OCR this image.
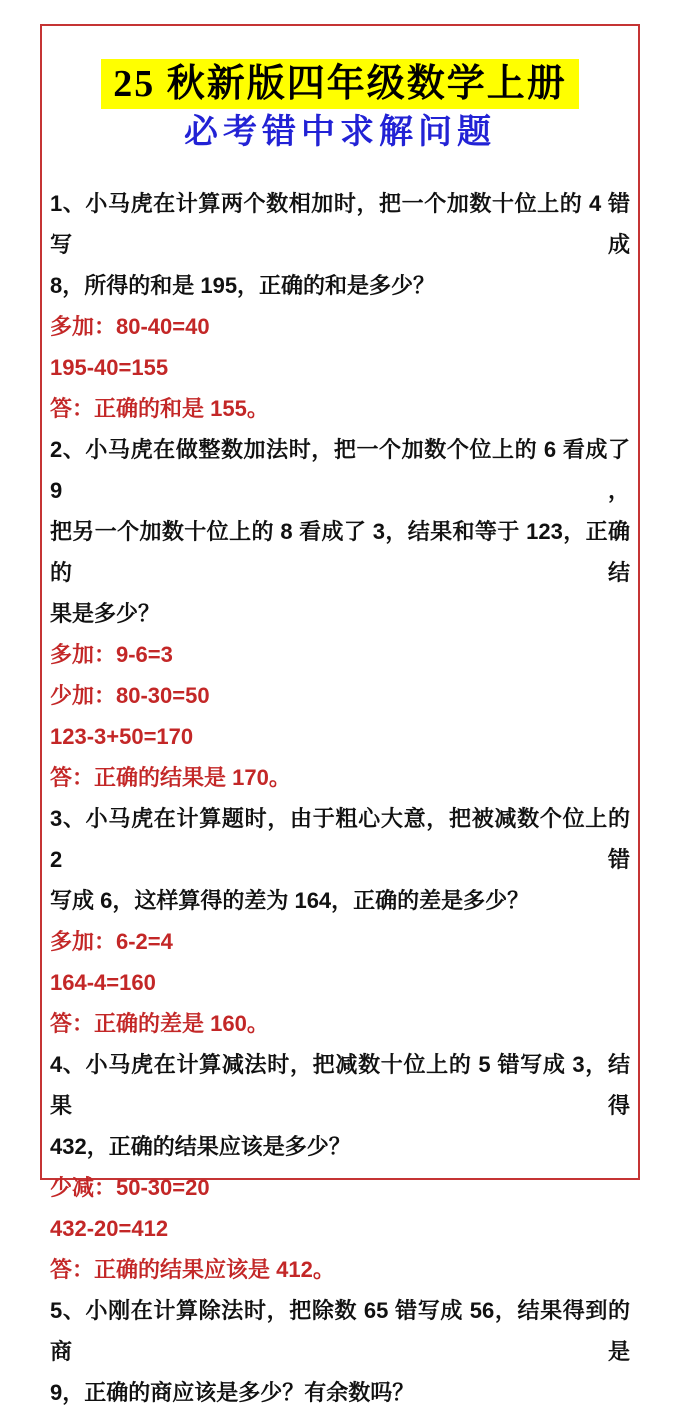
25 秋新版四年级数学上册
必考错中求解问题
1、小马虎在计算两个数相加时，把一个加数十位上的 4 错写成
8，所得的和是 195，正确的和是多少？
多加：80-40=40
195-40=155
答：正确的和是 155。
2、小马虎在做整数加法时，把一个加数个位上的 6 看成了 9，
把另一个加数十位上的 8 看成了 3，结果和等于 123，正确的结
果是多少？
多加：9-6=3
少加：80-30=50
123-3+50=170
答：正确的结果是 170。
3、小马虎在计算题时，由于粗心大意，把被减数个位上的 2 错
写成 6，这样算得的差为 164，正确的差是多少？
多加：6-2=4
164-4=160
答：正确的差是 160。
4、小马虎在计算减法时，把减数十位上的 5 错写成 3，结果得
432，正确的结果应该是多少？
少减：50-30=20
432-20=412
答：正确的结果应该是 412。
5、小刚在计算除法时，把除数 65 错写成 56，结果得到的商是
9，正确的商应该是多少？有余数吗？
